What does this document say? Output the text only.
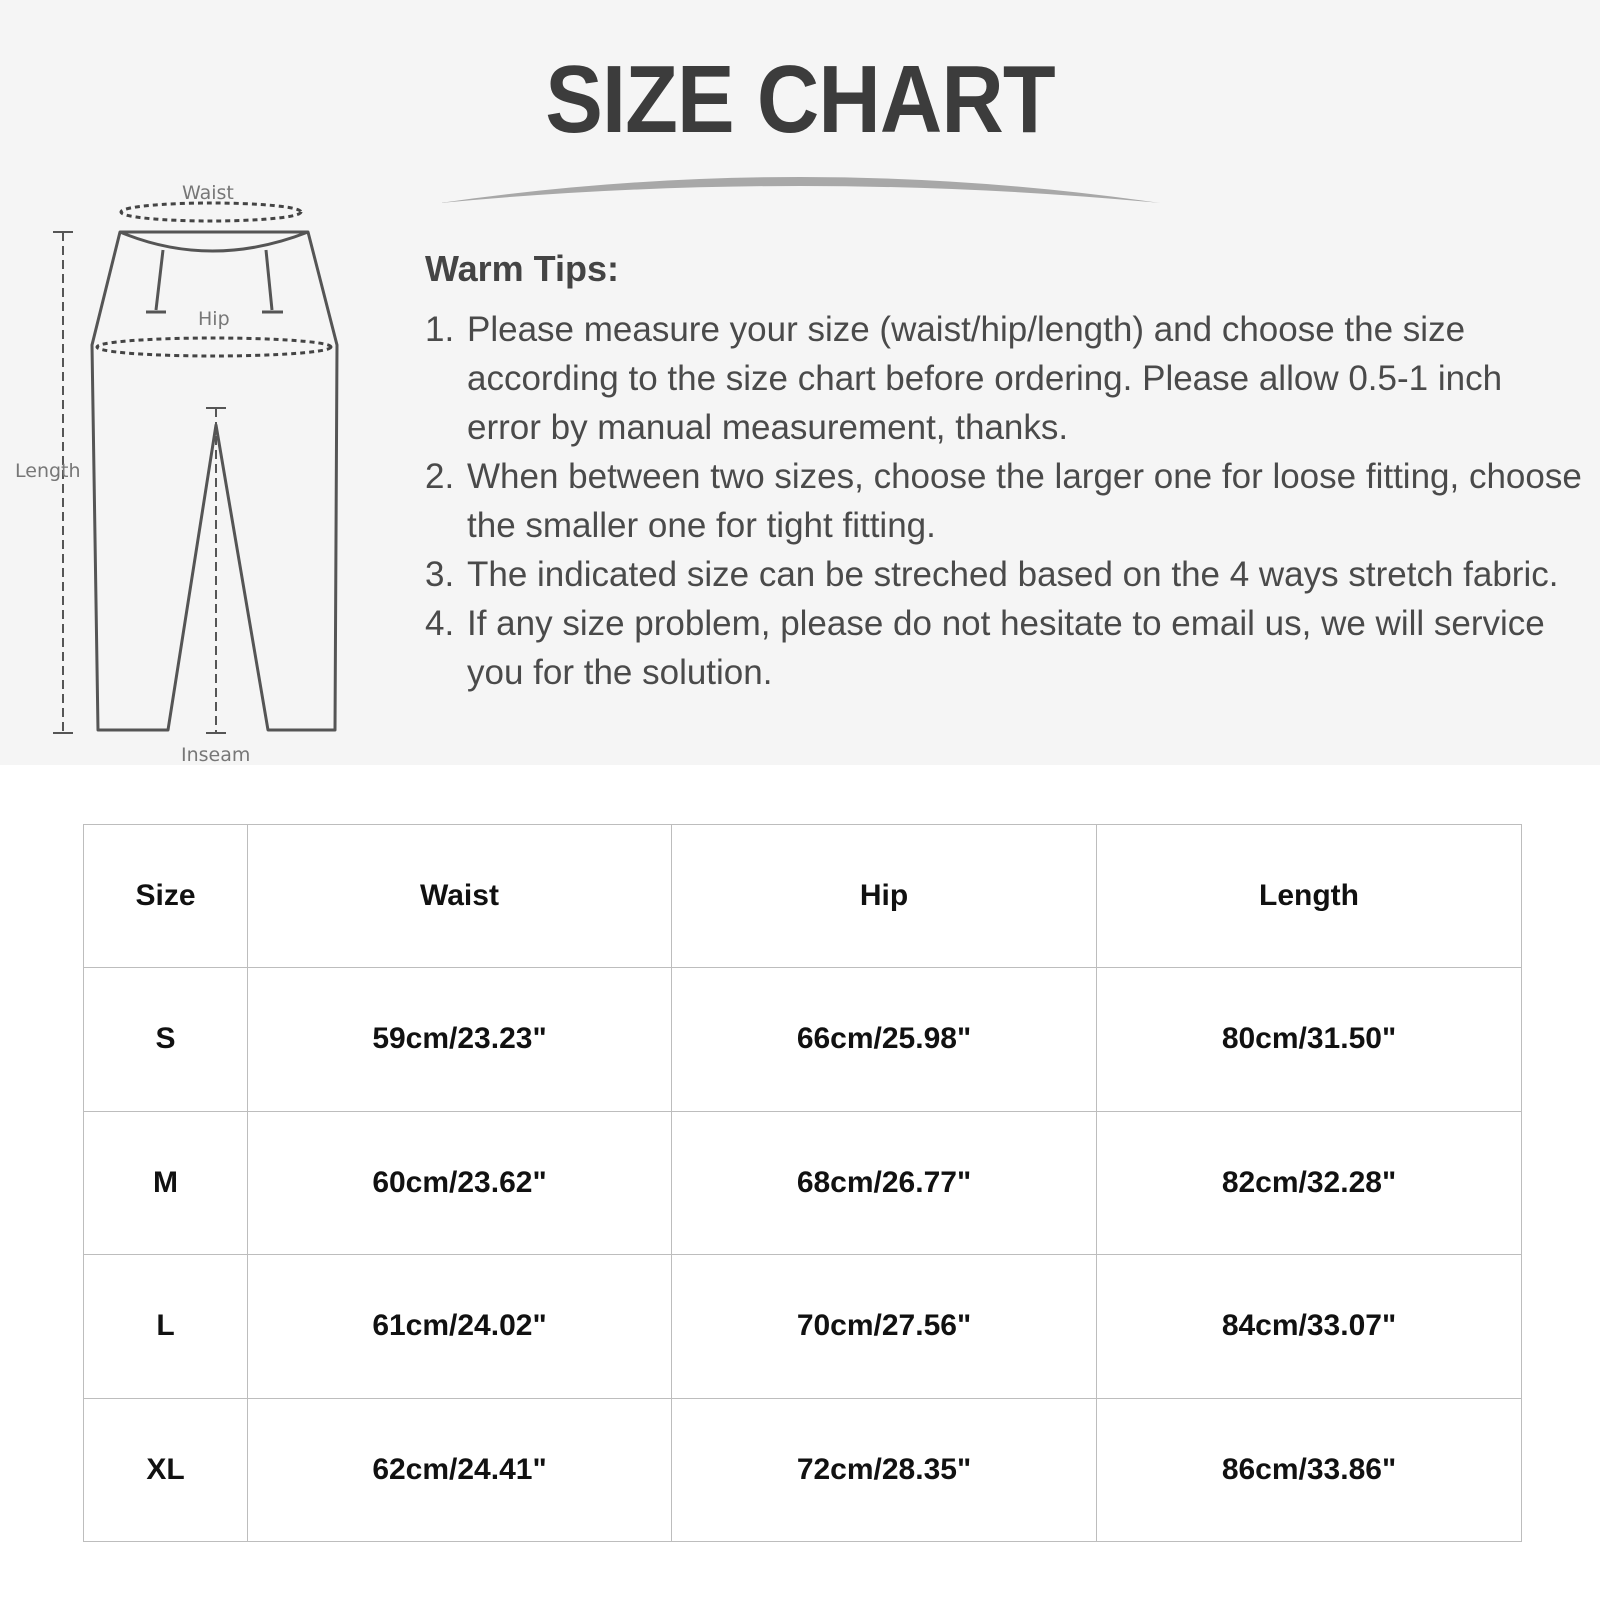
SIZE CHART
Waist
Hip
Length
Inseam
Warm Tips:
1. Please measure your size (waist/hip/length) and choose the size according to the size chart before ordering. Please allow 0.5-1 inch error by manual measurement, thanks.
2. When between two sizes, choose the larger one for loose fitting, choose the smaller one for tight fitting.
3. The indicated size can be streched based on the 4 ways stretch fabric.
4. If any size problem, please do not hesitate to email us, we will service you for the solution.
Size	Waist	Hip	Length
S	59cm/23.23"	66cm/25.98"	80cm/31.50"
M	60cm/23.62"	68cm/26.77"	82cm/32.28"
L	61cm/24.02"	70cm/27.56"	84cm/33.07"
XL	62cm/24.41"	72cm/28.35"	86cm/33.86"
